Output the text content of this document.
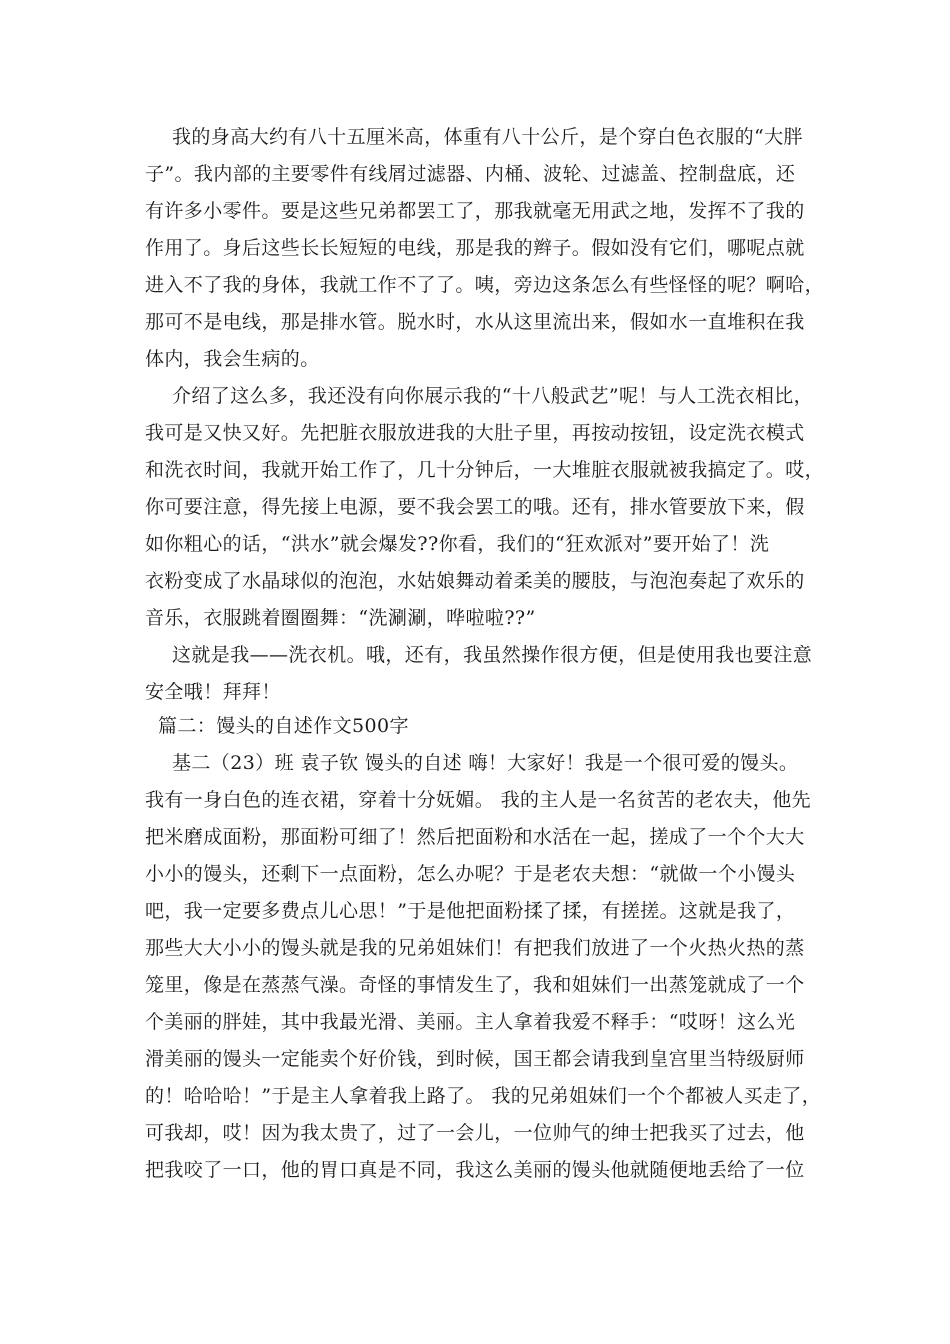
我的身高大约有八十五厘米高，体重有八十公斤，是个穿白色衣服的“大胖
子”。我内部的主要零件有线屑过滤器、内桶、波轮、过滤盖、控制盘底，还
有许多小零件。要是这些兄弟都罢工了，那我就毫无用武之地，发挥不了我的
作用了。身后这些长长短短的电线，那是我的辫子。假如没有它们，哪呢点就
进入不了我的身体，我就工作不了了。咦，旁边这条怎么有些怪怪的呢？啊哈，
那可不是电线，那是排水管。脱水时，水从这里流出来，假如水一直堆积在我
体内，我会生病的。
介绍了这么多，我还没有向你展示我的“十八般武艺”呢！与人工洗衣相比，
我可是又快又好。先把脏衣服放进我的大肚子里，再按动按钮，设定洗衣模式
和洗衣时间，我就开始工作了，几十分钟后，一大堆脏衣服就被我搞定了。哎，
你可要注意，得先接上电源，要不我会罢工的哦。还有，排水管要放下来，假
如你粗心的话，“洪水”就会爆发??你看，我们的“狂欢派对”要开始了！洗
衣粉变成了水晶球似的泡泡，水姑娘舞动着柔美的腰肢，与泡泡奏起了欢乐的
音乐，衣服跳着圈圈舞：“洗涮涮，哗啦啦??”
这就是我——洗衣机。哦，还有，我虽然操作很方便，但是使用我也要注意
安全哦！拜拜！
篇二：馒头的自述作文500字
基二（23）班 袁子钦 馒头的自述 嗨！大家好！我是一个很可爱的馒头。
我有一身白色的连衣裙，穿着十分妩媚。 我的主人是一名贫苦的老农夫，他先
把米磨成面粉，那面粉可细了！然后把面粉和水活在一起，搓成了一个个大大
小小的馒头，还剩下一点面粉，怎么办呢？于是老农夫想：“就做一个小馒头
吧，我一定要多费点儿心思！”于是他把面粉揉了揉，有搓搓。这就是我了，
那些大大小小的馒头就是我的兄弟姐妹们！有把我们放进了一个火热火热的蒸
笼里，像是在蒸蒸气澡。奇怪的事情发生了，我和姐妹们一出蒸笼就成了一个
个美丽的胖娃，其中我最光滑、美丽。主人拿着我爱不释手：“哎呀！这么光
滑美丽的馒头一定能卖个好价钱，到时候，国王都会请我到皇宫里当特级厨师
的！哈哈哈！”于是主人拿着我上路了。 我的兄弟姐妹们一个个都被人买走了，
可我却，哎！因为我太贵了，过了一会儿，一位帅气的绅士把我买了过去，他
把我咬了一口，他的胃口真是不同，我这么美丽的馒头他就随便地丢给了一位
